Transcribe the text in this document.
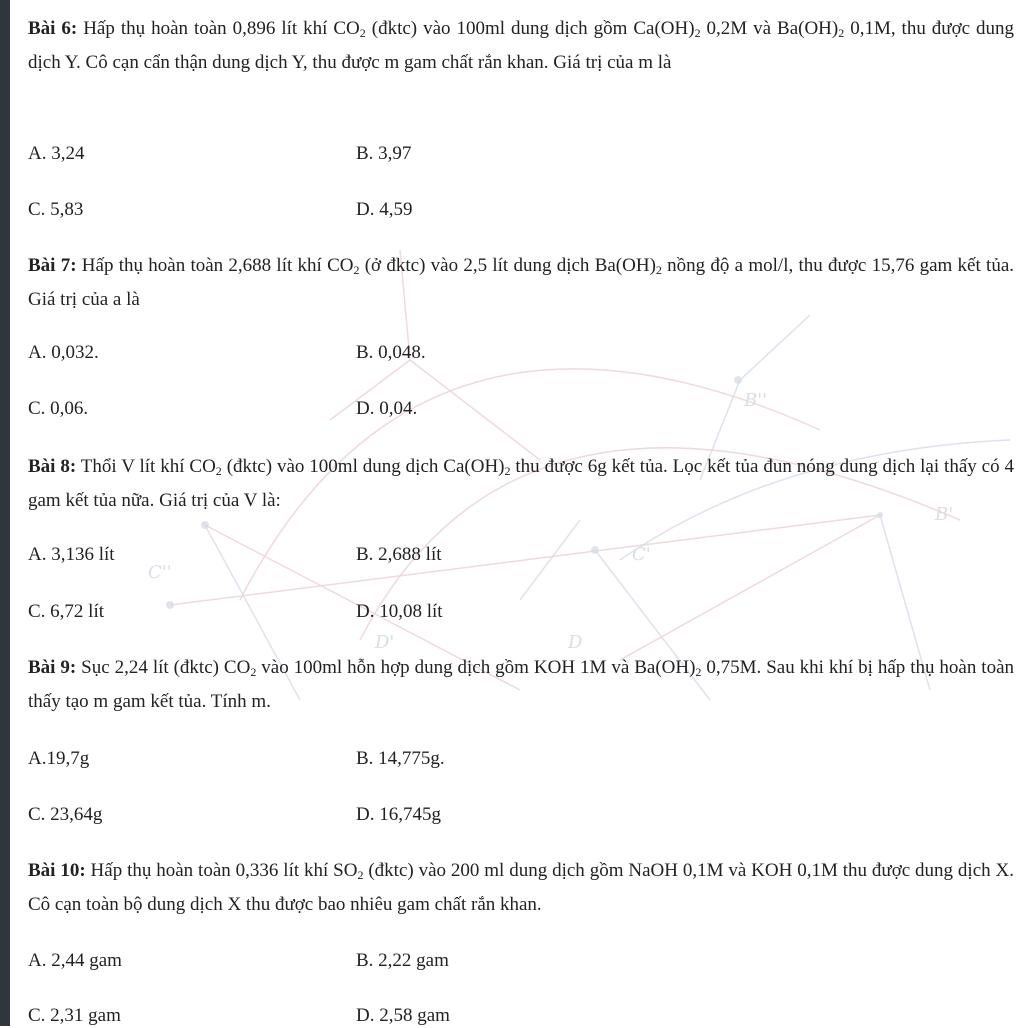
B''
C'
C''
D
D'
B'

Bài 6: Hấp thụ hoàn toàn 0,896 lít khí $CO_2$ (đktc) vào 100ml dung dịch gồm $Ca(OH)_2$ 0,2M và $Ba(OH)_2$ 0,1M, thu được dung dịch Y. Cô cạn cẩn thận dung dịch Y, thu được m gam chất rắn khan. Giá trị của m là

A. 3,24	B. 3,97
C. 5,83	D. 4,59

Bài 7: Hấp thụ hoàn toàn 2,688 lít khí $CO_2$ (ở đktc) vào 2,5 lít dung dịch $Ba(OH)_2$ nồng độ a mol/l, thu được 15,76 gam kết tủa. Giá trị của a là

A. 0,032.	B. 0,048.
C. 0,06.	D. 0,04.

Bài 8: Thổi V lít khí $CO_2$ (đktc) vào 100ml dung dịch $Ca(OH)_2$ thu được 6g kết tủa. Lọc kết tủa đun nóng dung dịch lại thấy có 4 gam kết tủa nữa. Giá trị của V là:

A. 3,136 lít	B. 2,688 lít
C. 6,72 lít	D. 10,08 lít

Bài 9: Sục 2,24 lít (đktc) $CO_2$ vào 100ml hỗn hợp dung dịch gồm KOH 1M và $Ba(OH)_2$ 0,75M. Sau khi khí bị hấp thụ hoàn toàn thấy tạo m gam kết tủa. Tính m.

A.19,7g	B. 14,775g.
C. 23,64g	D. 16,745g

Bài 10: Hấp thụ hoàn toàn 0,336 lít khí $SO_2$ (đktc) vào 200 ml dung dịch gồm NaOH 0,1M và KOH 0,1M thu được dung dịch X. Cô cạn toàn bộ dung dịch X thu được bao nhiêu gam chất rắn khan.

A. 2,44 gam	B. 2,22 gam
C. 2,31 gam	D. 2,58 gam
